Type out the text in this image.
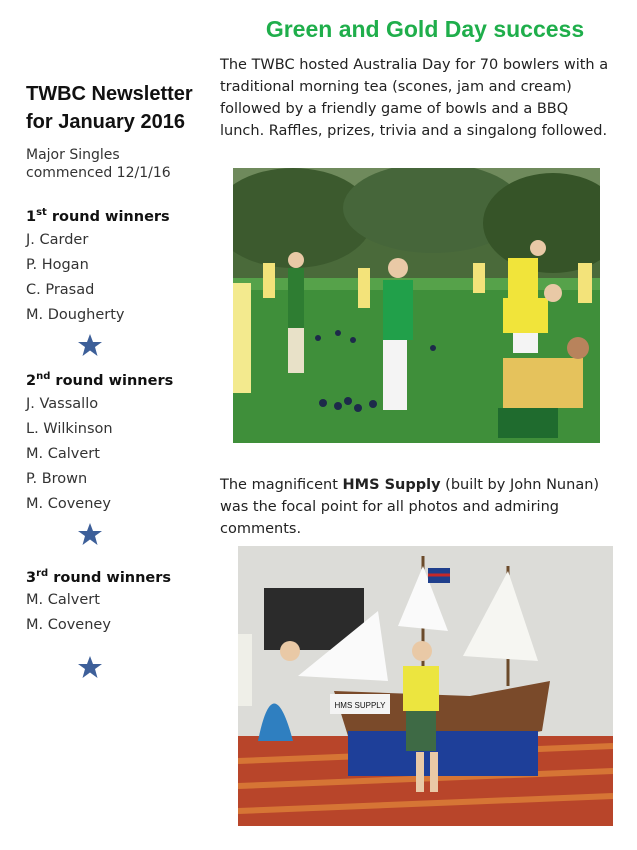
Green and Gold Day success
TWBC Newsletter
for January 2016
Major Singles
commenced 12/1/16
1st round winners
J. Carder
P. Hogan
C. Prasad
M. Dougherty
2nd round winners
J. Vassallo
L. Wilkinson
M. Calvert
P. Brown
M. Coveney
3rd round winners
M. Calvert
M. Coveney
The TWBC hosted Australia Day for 70 bowlers with a traditional morning tea (scones, jam and cream) followed by a friendly game of bowls and a BBQ lunch. Raffles, prizes, trivia and a singalong followed.
The magnificent HMS Supply (built by John Nunan) was the focal point for all photos and admiring comments.
HMS SUPPLY
